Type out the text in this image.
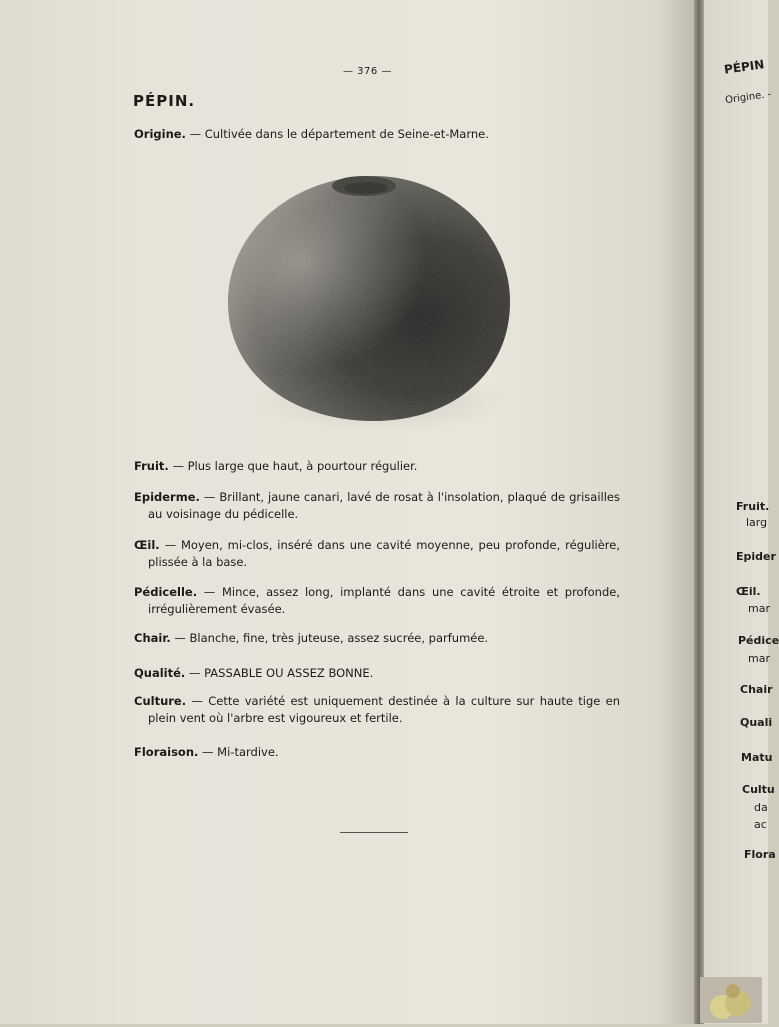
— 376 —
PÉPIN.
Origine. — Cultivée dans le département de Seine-et-Marne.
Fruit. — Plus large que haut, à pourtour régulier.
Epiderme. — Brillant, jaune canari, lavé de rosat à l'insolation, plaqué de grisailles au voisinage du pédicelle.
Œil. — Moyen, mi-clos, inséré dans une cavité moyenne, peu profonde, régulière, plissée à la base.
Pédicelle. — Mince, assez long, implanté dans une cavité étroite et profonde, irrégulièrement évasée.
Chair. — Blanche, fine, très juteuse, assez sucrée, parfumée.
Qualité. — PASSABLE OU ASSEZ BONNE.
Culture. — Cette variété est uniquement destinée à la culture sur haute tige en plein vent où l'arbre est vigoureux et fertile.
Floraison. — Mi-tardive.
PÉPIN
Origine. -
Fruit.
larg
Epider
Œil.
mar
Pédice
mar
Chair
Quali
Matu
Cultu
da
ac
Flora
